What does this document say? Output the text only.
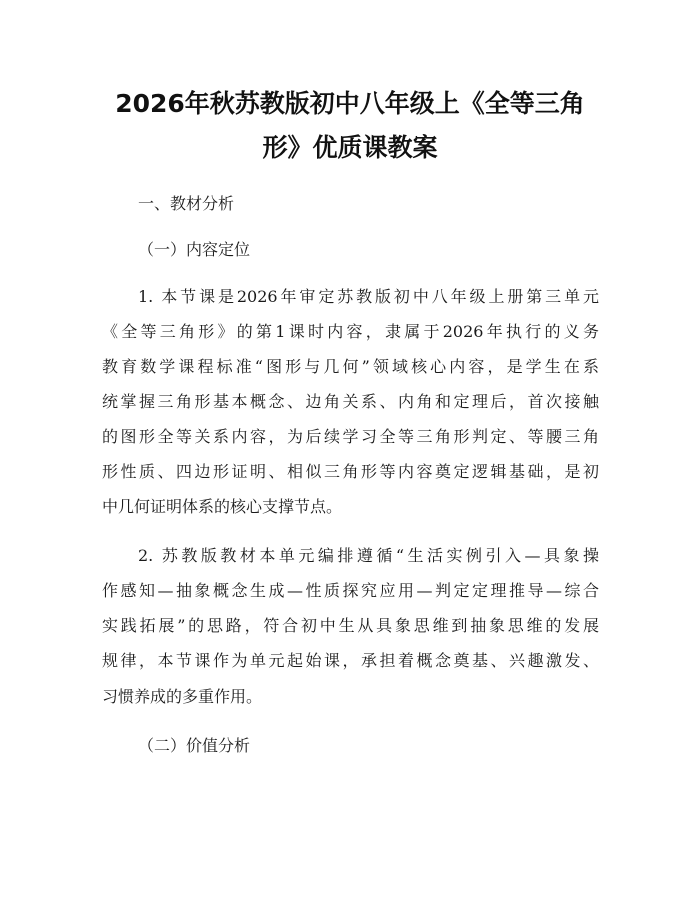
2026年秋苏教版初中八年级上《全等三角
形》优质课教案
一、教材分析
（一）内容定位
1. 本节课是2026年审定苏教版初中八年级上册第三单元
《全等三角形》的第1课时内容，隶属于2026年执行的义务
教育数学课程标准“图形与几何”领域核心内容，是学生在系
统掌握三角形基本概念、边角关系、内角和定理后，首次接触
的图形全等关系内容，为后续学习全等三角形判定、等腰三角
形性质、四边形证明、相似三角形等内容奠定逻辑基础，是初
中几何证明体系的核心支撑节点。
2. 苏教版教材本单元编排遵循“生活实例引入—具象操
作感知—抽象概念生成—性质探究应用—判定定理推导—综合
实践拓展”的思路，符合初中生从具象思维到抽象思维的发展
规律，本节课作为单元起始课，承担着概念奠基、兴趣激发、
习惯养成的多重作用。
（二）价值分析
